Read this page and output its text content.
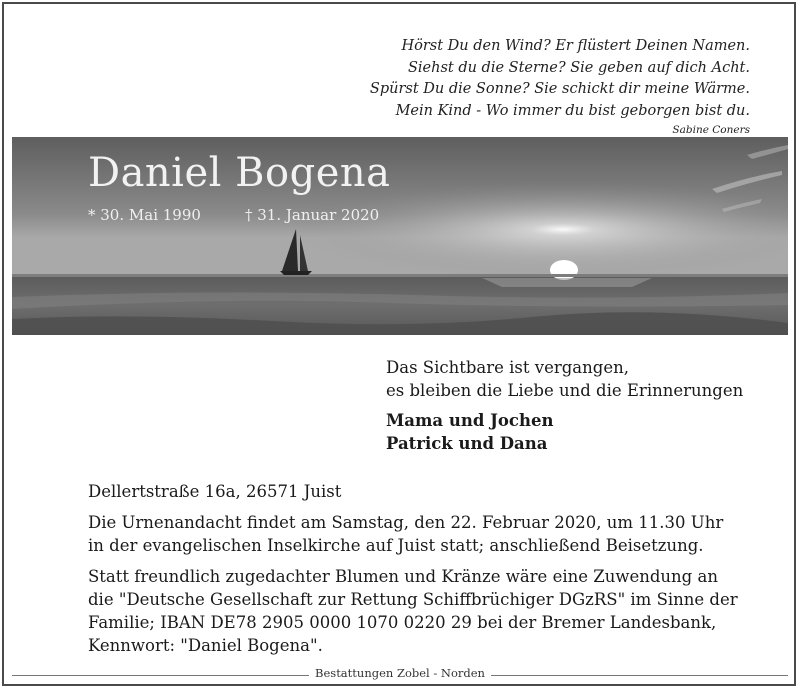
Hörst Du den Wind? Er flüstert Deinen Namen.
Siehst du die Sterne? Sie geben auf dich Acht.
Spürst Du die Sonne? Sie schickt dir meine Wärme.
Mein Kind - Wo immer du bist geborgen bist du.
Sabine Coners
Daniel Bogena
* 30. Mai 1990	† 31. Januar 2020
Das Sichtbare ist vergangen,
es bleiben die Liebe und die Erinnerungen
Mama und Jochen
Patrick und Dana

Dellertstraße 16a, 26571 Juist

Die Urnenandacht findet am Samstag, den 22. Februar 2020, um 11.30 Uhr
in der evangelischen Inselkirche auf Juist statt; anschließend Beisetzung.

Statt freundlich zugedachter Blumen und Kränze wäre eine Zuwendung an
die "Deutsche Gesellschaft zur Rettung Schiffbrüchiger DGzRS" im Sinne der
Familie; IBAN DE78 2905 0000 1070 0220 29 bei der Bremer Landesbank,
Kennwort: "Daniel Bogena".

Bestattungen Zobel - Norden
